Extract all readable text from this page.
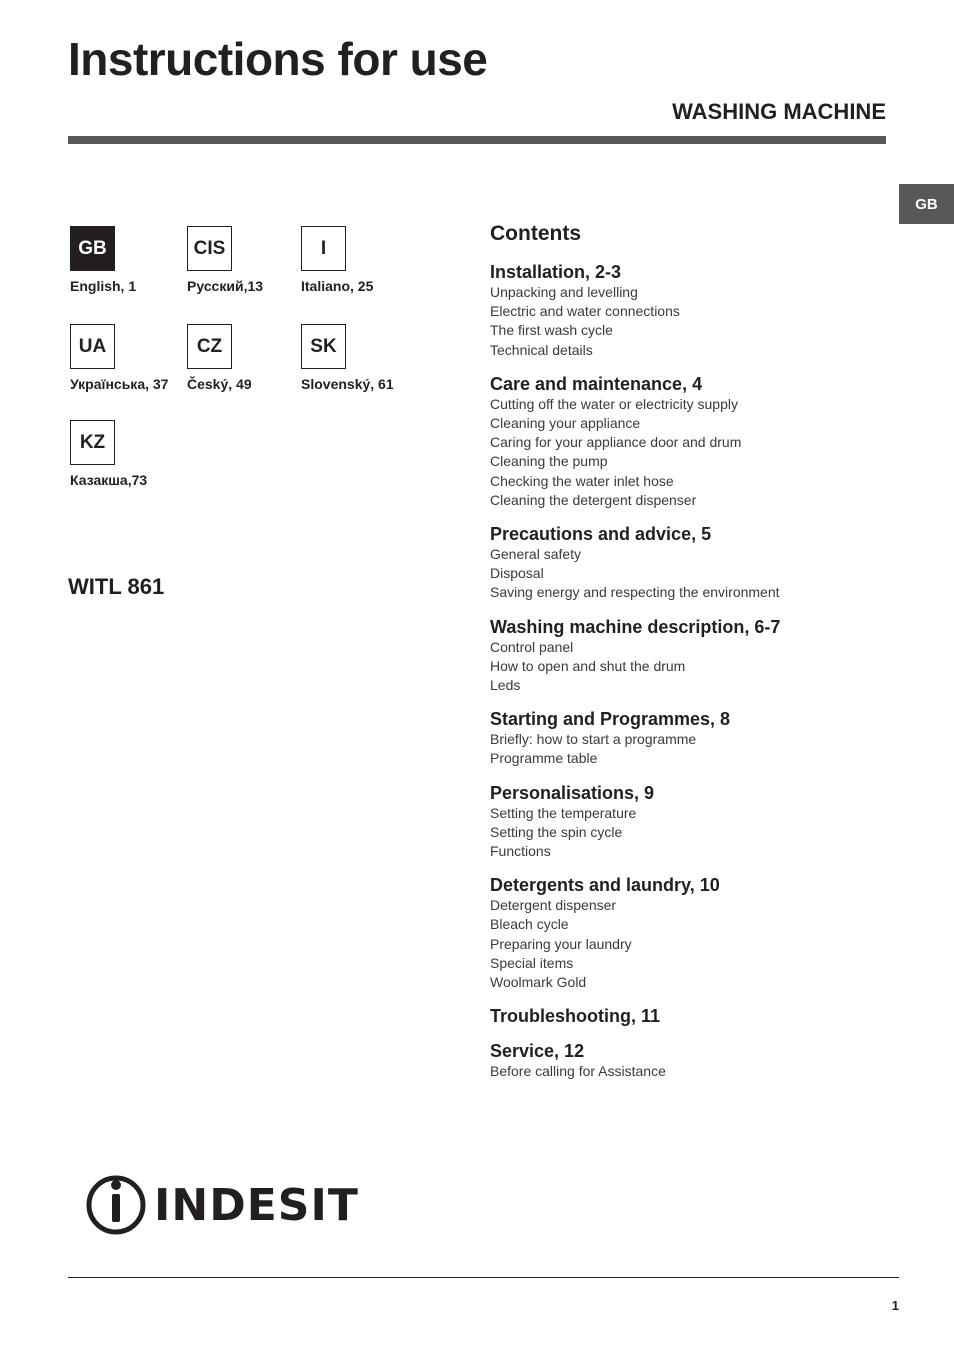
Instructions for use
WASHING MACHINE
GB
GB
English, 1
CIS
Русский,13
I
Italiano, 25
UA
Українська, 37
CZ
Český, 49
SK
Slovenský, 61
KZ
Казакша,73
WITL 861
Contents
Installation, 2-3
Unpacking and levelling
Electric and water connections
The first wash cycle
Technical details
Care and maintenance, 4
Cutting off the water or electricity supply
Cleaning your appliance
Caring for your appliance door and drum
Cleaning the pump
Checking the water inlet hose
Cleaning the detergent dispenser
Precautions and advice, 5
General safety
Disposal
Saving energy and respecting the environment
Washing machine description, 6-7
Control panel
How to open and shut the drum
Leds
Starting and Programmes, 8
Briefly: how to start a programme
Programme table
Personalisations, 9
Setting the temperature
Setting the spin cycle
Functions
Detergents and laundry, 10
Detergent dispenser
Bleach cycle
Preparing your laundry
Special items
Woolmark Gold
Troubleshooting, 11
Service, 12
Before calling for Assistance
INDESIT
1
